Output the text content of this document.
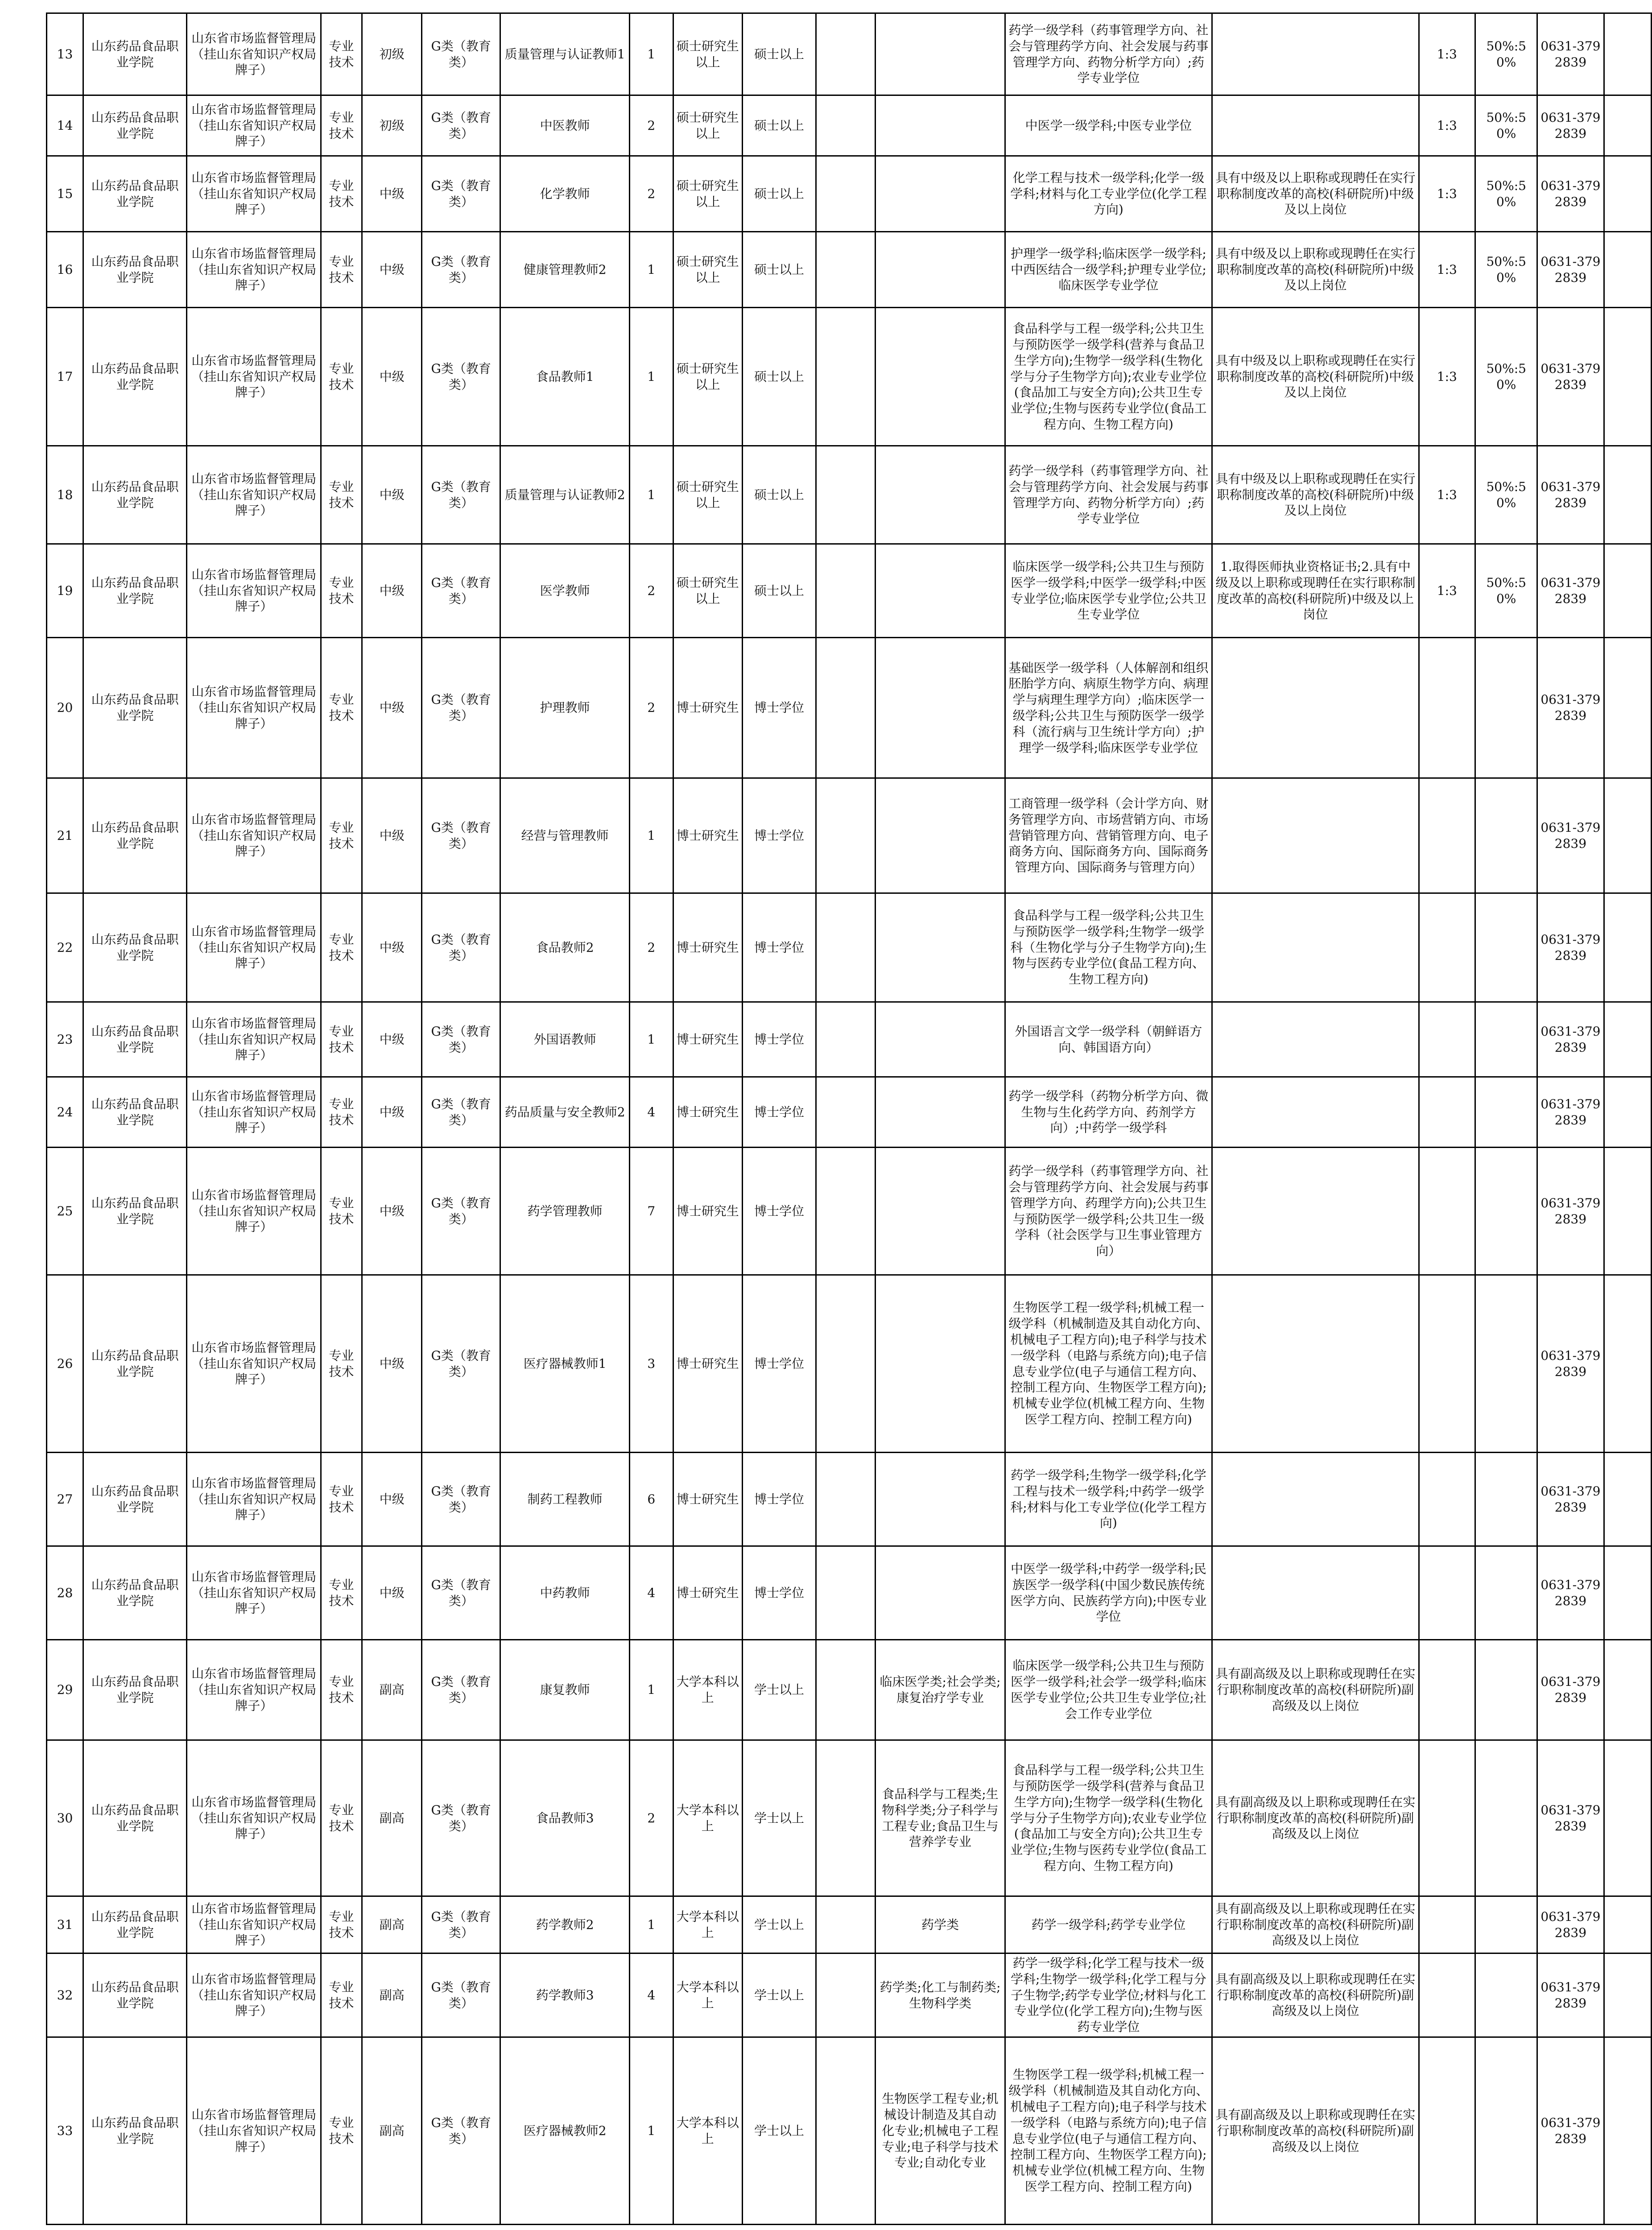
13	山东药品食品职业学院	山东省市场监督管理局（挂山东省知识产权局牌子）	专业技术	初级	G类（教育类）	质量管理与认证教师1	1	硕士研究生以上	硕士以上			药学一级学科（药事管理学方向、社会与管理药学方向、社会发展与药事管理学方向、药物分析学方向）;药学专业学位		1:3	50%:50%	0631-3792839	
14	山东药品食品职业学院	山东省市场监督管理局（挂山东省知识产权局牌子）	专业技术	初级	G类（教育类）	中医教师	2	硕士研究生以上	硕士以上			中医学一级学科;中医专业学位		1:3	50%:50%	0631-3792839	
15	山东药品食品职业学院	山东省市场监督管理局（挂山东省知识产权局牌子）	专业技术	中级	G类（教育类）	化学教师	2	硕士研究生以上	硕士以上			化学工程与技术一级学科;化学一级学科;材料与化工专业学位(化学工程方向)	具有中级及以上职称或现聘任在实行职称制度改革的高校(科研院所)中级及以上岗位	1:3	50%:50%	0631-3792839	
16	山东药品食品职业学院	山东省市场监督管理局（挂山东省知识产权局牌子）	专业技术	中级	G类（教育类）	健康管理教师2	1	硕士研究生以上	硕士以上			护理学一级学科;临床医学一级学科;中西医结合一级学科;护理专业学位;临床医学专业学位	具有中级及以上职称或现聘任在实行职称制度改革的高校(科研院所)中级及以上岗位	1:3	50%:50%	0631-3792839	
17	山东药品食品职业学院	山东省市场监督管理局（挂山东省知识产权局牌子）	专业技术	中级	G类（教育类）	食品教师1	1	硕士研究生以上	硕士以上			食品科学与工程一级学科;公共卫生与预防医学一级学科(营养与食品卫生学方向);生物学一级学科(生物化学与分子生物学方向);农业专业学位(食品加工与安全方向);公共卫生专业学位;生物与医药专业学位(食品工程方向、生物工程方向)	具有中级及以上职称或现聘任在实行职称制度改革的高校(科研院所)中级及以上岗位	1:3	50%:50%	0631-3792839	
18	山东药品食品职业学院	山东省市场监督管理局（挂山东省知识产权局牌子）	专业技术	中级	G类（教育类）	质量管理与认证教师2	1	硕士研究生以上	硕士以上			药学一级学科（药事管理学方向、社会与管理药学方向、社会发展与药事管理学方向、药物分析学方向）;药学专业学位	具有中级及以上职称或现聘任在实行职称制度改革的高校(科研院所)中级及以上岗位	1:3	50%:50%	0631-3792839	
19	山东药品食品职业学院	山东省市场监督管理局（挂山东省知识产权局牌子）	专业技术	中级	G类（教育类）	医学教师	2	硕士研究生以上	硕士以上			临床医学一级学科;公共卫生与预防医学一级学科;中医学一级学科;中医专业学位;临床医学专业学位;公共卫生专业学位	1.取得医师执业资格证书;2.具有中级及以上职称或现聘任在实行职称制度改革的高校(科研院所)中级及以上岗位	1:3	50%:50%	0631-3792839	
20	山东药品食品职业学院	山东省市场监督管理局（挂山东省知识产权局牌子）	专业技术	中级	G类（教育类）	护理教师	2	博士研究生	博士学位			基础医学一级学科（人体解剖和组织胚胎学方向、病原生物学方向、病理学与病理生理学方向）;临床医学一级学科;公共卫生与预防医学一级学科（流行病与卫生统计学方向）;护理学一级学科;临床医学专业学位				0631-3792839	
21	山东药品食品职业学院	山东省市场监督管理局（挂山东省知识产权局牌子）	专业技术	中级	G类（教育类）	经营与管理教师	1	博士研究生	博士学位			工商管理一级学科（会计学方向、财务管理学方向、市场营销方向、市场营销管理方向、营销管理方向、电子商务方向、国际商务方向、国际商务管理方向、国际商务与管理方向）				0631-3792839	
22	山东药品食品职业学院	山东省市场监督管理局（挂山东省知识产权局牌子）	专业技术	中级	G类（教育类）	食品教师2	2	博士研究生	博士学位			食品科学与工程一级学科;公共卫生与预防医学一级学科;生物学一级学科（生物化学与分子生物学方向);生物与医药专业学位(食品工程方向、生物工程方向)				0631-3792839	
23	山东药品食品职业学院	山东省市场监督管理局（挂山东省知识产权局牌子）	专业技术	中级	G类（教育类）	外国语教师	1	博士研究生	博士学位			外国语言文学一级学科（朝鲜语方向、韩国语方向）				0631-3792839	
24	山东药品食品职业学院	山东省市场监督管理局（挂山东省知识产权局牌子）	专业技术	中级	G类（教育类）	药品质量与安全教师2	4	博士研究生	博士学位			药学一级学科（药物分析学方向、微生物与生化药学方向、药剂学方向）;中药学一级学科				0631-3792839	
25	山东药品食品职业学院	山东省市场监督管理局（挂山东省知识产权局牌子）	专业技术	中级	G类（教育类）	药学管理教师	7	博士研究生	博士学位			药学一级学科（药事管理学方向、社会与管理药学方向、社会发展与药事管理学方向、药理学方向);公共卫生与预防医学一级学科;公共卫生一级学科（社会医学与卫生事业管理方向）				0631-3792839	
26	山东药品食品职业学院	山东省市场监督管理局（挂山东省知识产权局牌子）	专业技术	中级	G类（教育类）	医疗器械教师1	3	博士研究生	博士学位			生物医学工程一级学科;机械工程一级学科（机械制造及其自动化方向、机械电子工程方向);电子科学与技术一级学科（电路与系统方向);电子信息专业学位(电子与通信工程方向、控制工程方向、生物医学工程方向);机械专业学位(机械工程方向、生物医学工程方向、控制工程方向)				0631-3792839	
27	山东药品食品职业学院	山东省市场监督管理局（挂山东省知识产权局牌子）	专业技术	中级	G类（教育类）	制药工程教师	6	博士研究生	博士学位			药学一级学科;生物学一级学科;化学工程与技术一级学科;中药学一级学科;材料与化工专业学位(化学工程方向)				0631-3792839	
28	山东药品食品职业学院	山东省市场监督管理局（挂山东省知识产权局牌子）	专业技术	中级	G类（教育类）	中药教师	4	博士研究生	博士学位			中医学一级学科;中药学一级学科;民族医学一级学科(中国少数民族传统医学方向、民族药学方向);中医专业学位				0631-3792839	
29	山东药品食品职业学院	山东省市场监督管理局（挂山东省知识产权局牌子）	专业技术	副高	G类（教育类）	康复教师	1	大学本科以上	学士以上		临床医学类;社会学类;康复治疗学专业	临床医学一级学科;公共卫生与预防医学一级学科;社会学一级学科;临床医学专业学位;公共卫生专业学位;社会工作专业学位	具有副高级及以上职称或现聘任在实行职称制度改革的高校(科研院所)副高级及以上岗位			0631-3792839	
30	山东药品食品职业学院	山东省市场监督管理局（挂山东省知识产权局牌子）	专业技术	副高	G类（教育类）	食品教师3	2	大学本科以上	学士以上		食品科学与工程类;生物科学类;分子科学与工程专业;食品卫生与营养学专业	食品科学与工程一级学科;公共卫生与预防医学一级学科(营养与食品卫生学方向);生物学一级学科(生物化学与分子生物学方向);农业专业学位(食品加工与安全方向);公共卫生专业学位;生物与医药专业学位(食品工程方向、生物工程方向)	具有副高级及以上职称或现聘任在实行职称制度改革的高校(科研院所)副高级及以上岗位			0631-3792839	
31	山东药品食品职业学院	山东省市场监督管理局（挂山东省知识产权局牌子）	专业技术	副高	G类（教育类）	药学教师2	1	大学本科以上	学士以上		药学类	药学一级学科;药学专业学位	具有副高级及以上职称或现聘任在实行职称制度改革的高校(科研院所)副高级及以上岗位			0631-3792839	
32	山东药品食品职业学院	山东省市场监督管理局（挂山东省知识产权局牌子）	专业技术	副高	G类（教育类）	药学教师3	4	大学本科以上	学士以上		药学类;化工与制药类;生物科学类	药学一级学科;化学工程与技术一级学科;生物学一级学科;化学工程与分子生物学;药学专业学位;材料与化工专业学位(化学工程方向);生物与医药专业学位	具有副高级及以上职称或现聘任在实行职称制度改革的高校(科研院所)副高级及以上岗位			0631-3792839	
33	山东药品食品职业学院	山东省市场监督管理局（挂山东省知识产权局牌子）	专业技术	副高	G类（教育类）	医疗器械教师2	1	大学本科以上	学士以上		生物医学工程专业;机械设计制造及其自动化专业;机械电子工程专业;电子科学与技术专业;自动化专业	生物医学工程一级学科;机械工程一级学科（机械制造及其自动化方向、机械电子工程方向);电子科学与技术一级学科（电路与系统方向);电子信息专业学位(电子与通信工程方向、控制工程方向、生物医学工程方向);机械专业学位(机械工程方向、生物医学工程方向、控制工程方向)	具有副高级及以上职称或现聘任在实行职称制度改革的高校(科研院所)副高级及以上岗位			0631-3792839	
